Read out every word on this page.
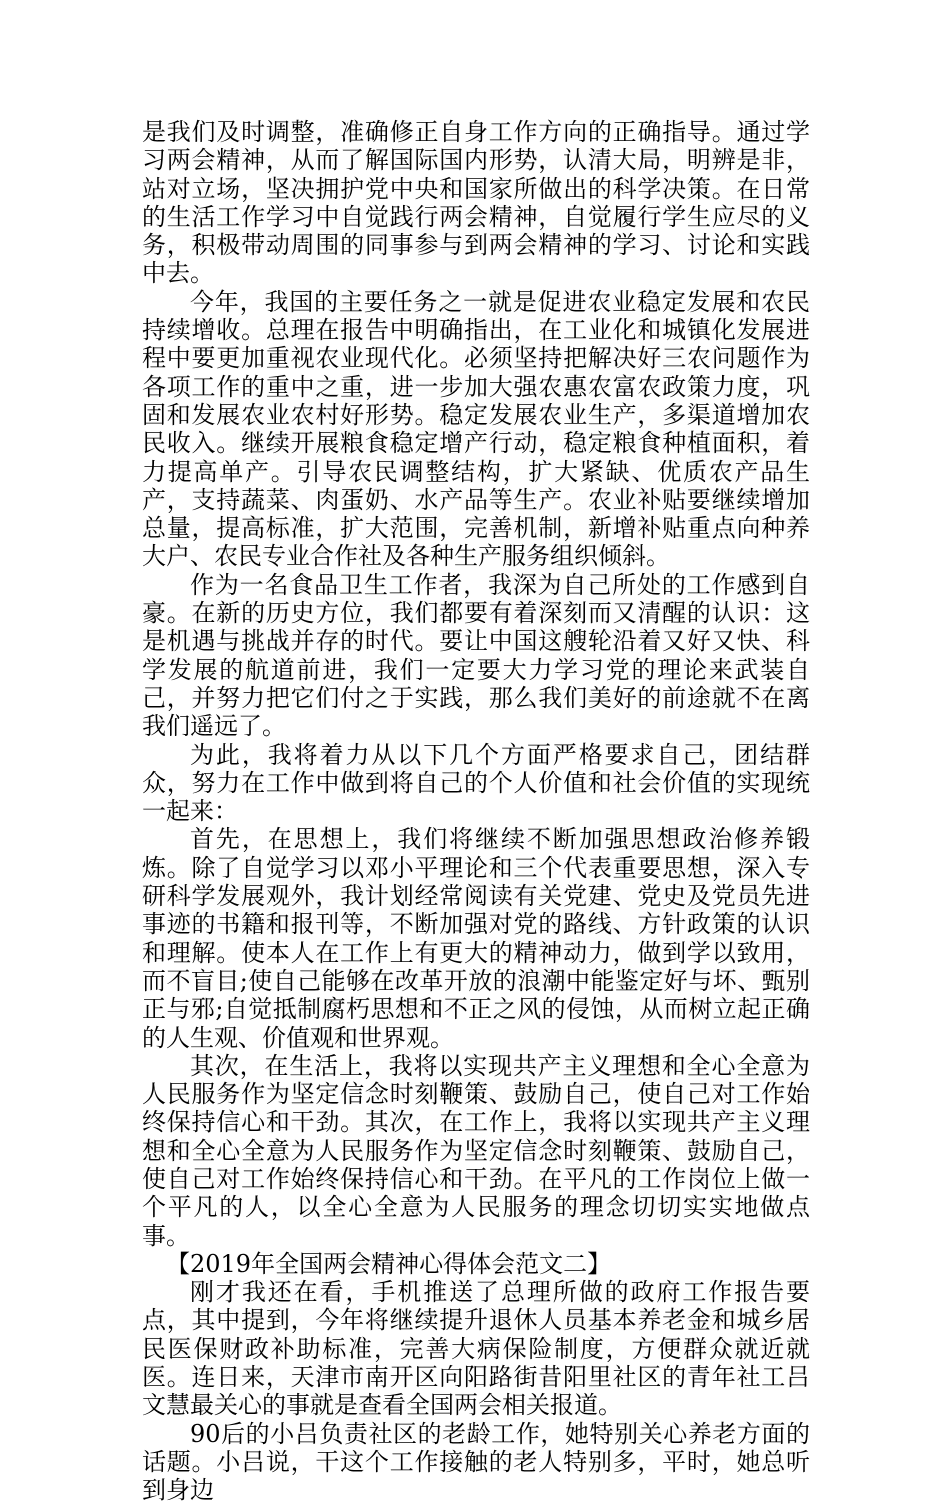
是我们及时调整，准确修正自身工作方向的正确指导。通过学习两会精神，从而了解国际国内形势，认清大局，明辨是非，站对立场，坚决拥护党中央和国家所做出的科学决策。在日常的生活工作学习中自觉践行两会精神，自觉履行学生应尽的义务，积极带动周围的同事参与到两会精神的学习、讨论和实践中去。

今年，我国的主要任务之一就是促进农业稳定发展和农民持续增收。总理在报告中明确指出，在工业化和城镇化发展进程中要更加重视农业现代化。必须坚持把解决好三农问题作为各项工作的重中之重，进一步加大强农惠农富农政策力度，巩固和发展农业农村好形势。稳定发展农业生产，多渠道增加农民收入。继续开展粮食稳定增产行动，稳定粮食种植面积，着力提高单产。引导农民调整结构，扩大紧缺、优质农产品生产，支持蔬菜、肉蛋奶、水产品等生产。农业补贴要继续增加总量，提高标准，扩大范围，完善机制，新增补贴重点向种养大户、农民专业合作社及各种生产服务组织倾斜。

作为一名食品卫生工作者，我深为自己所处的工作感到自豪。在新的历史方位，我们都要有着深刻而又清醒的认识：这是机遇与挑战并存的时代。要让中国这艘轮沿着又好又快、科学发展的航道前进，我们一定要大力学习党的理论来武装自己，并努力把它们付之于实践，那么我们美好的前途就不在离我们遥远了。

为此，我将着力从以下几个方面严格要求自己，团结群众，努力在工作中做到将自己的个人价值和社会价值的实现统一起来：

首先，在思想上，我们将继续不断加强思想政治修养锻炼。除了自觉学习以邓小平理论和三个代表重要思想，深入专研科学发展观外，我计划经常阅读有关党建、党史及党员先进事迹的书籍和报刊等，不断加强对党的路线、方针政策的认识和理解。使本人在工作上有更大的精神动力，做到学以致用，而不盲目;使自己能够在改革开放的浪潮中能鉴定好与坏、甄别正与邪;自觉抵制腐朽思想和不正之风的侵蚀，从而树立起正确的人生观、价值观和世界观。

其次，在生活上，我将以实现共产主义理想和全心全意为人民服务作为坚定信念时刻鞭策、鼓励自己，使自己对工作始终保持信心和干劲。其次，在工作上，我将以实现共产主义理想和全心全意为人民服务作为坚定信念时刻鞭策、鼓励自己，使自己对工作始终保持信心和干劲。在平凡的工作岗位上做一个平凡的人，以全心全意为人民服务的理念切切实实地做点事。

【2019年全国两会精神心得体会范文二】

刚才我还在看，手机推送了总理所做的政府工作报告要点，其中提到，今年将继续提升退休人员基本养老金和城乡居民医保财政补助标准，完善大病保险制度，方便群众就近就医。连日来，天津市南开区向阳路街昔阳里社区的青年社工吕文慧最关心的事就是查看全国两会相关报道。

90后的小吕负责社区的老龄工作，她特别关心养老方面的话题。小吕说，干这个工作接触的老人特别多，平时，她总听到身边
